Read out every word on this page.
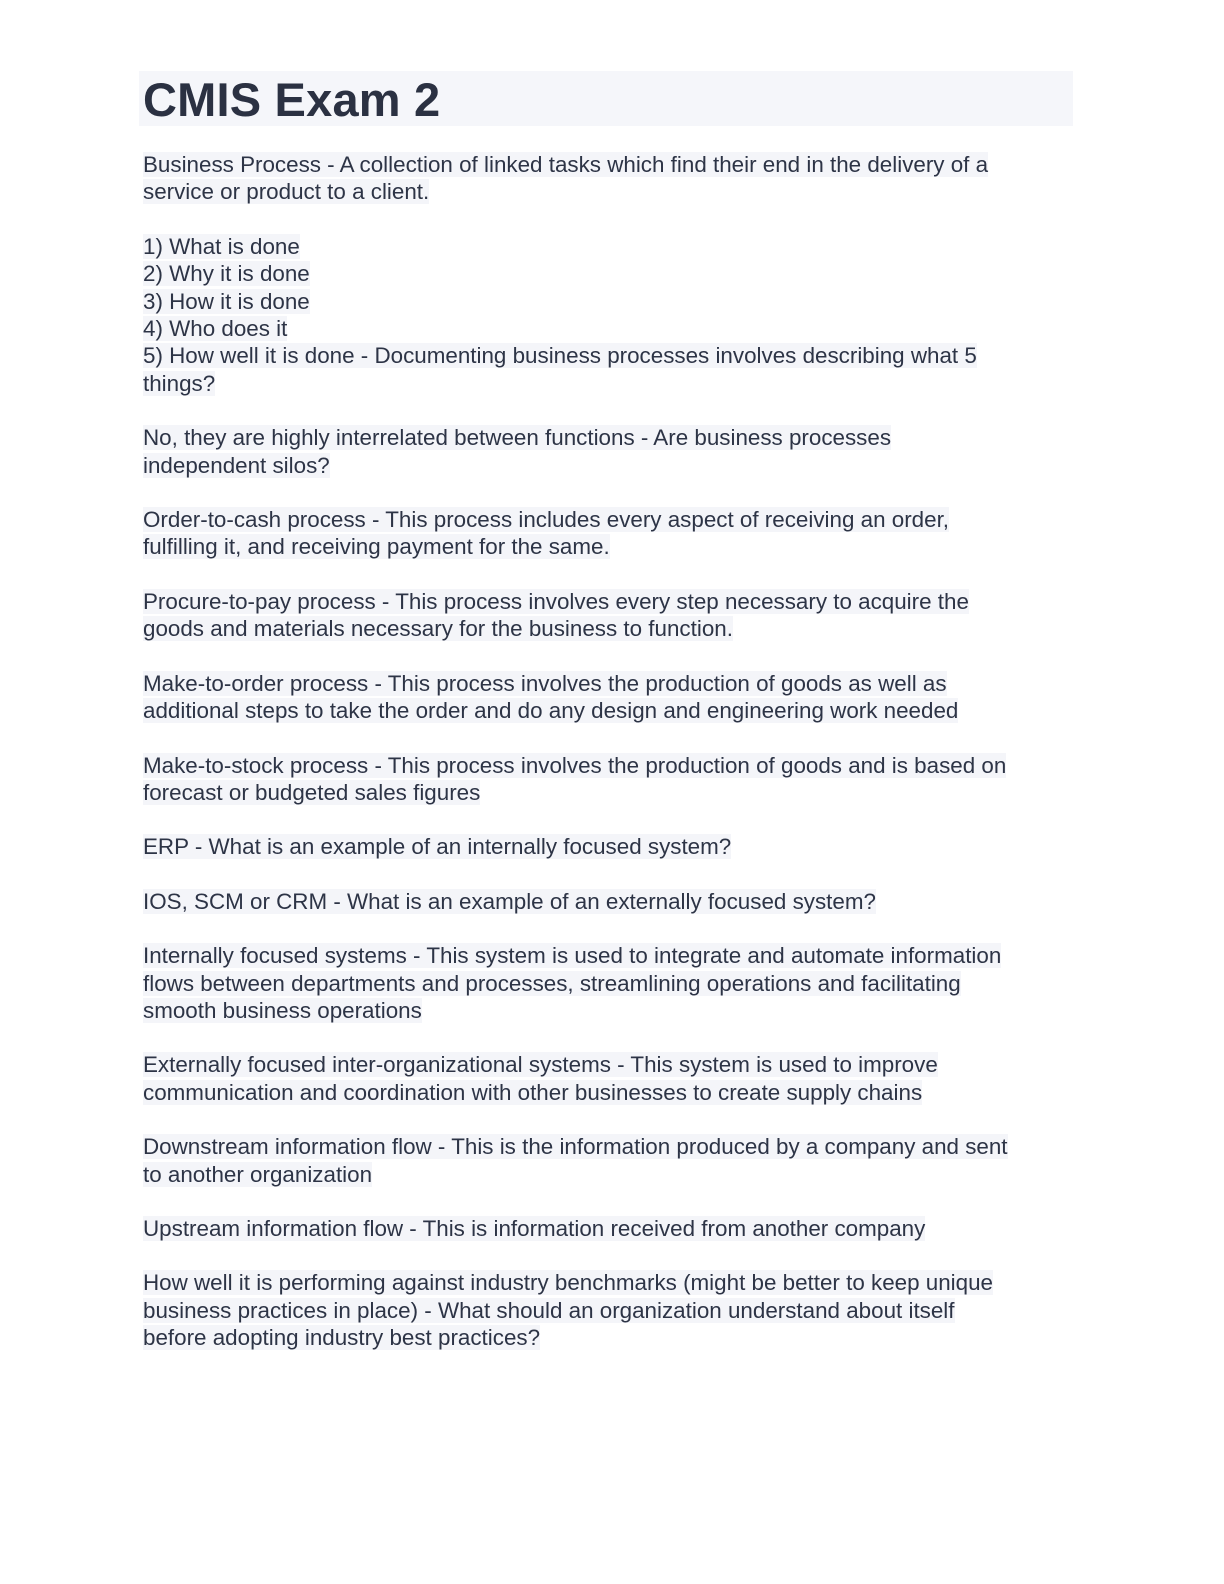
CMIS Exam 2

Business Process - A collection of linked tasks which find their end in the delivery of a
service or product to a client.

1) What is done
2) Why it is done
3) How it is done
4) Who does it
5) How well it is done - Documenting business processes involves describing what 5
things?

No, they are highly interrelated between functions - Are business processes
independent silos?

Order-to-cash process - This process includes every aspect of receiving an order,
fulfilling it, and receiving payment for the same.

Procure-to-pay process - This process involves every step necessary to acquire the
goods and materials necessary for the business to function.

Make-to-order process - This process involves the production of goods as well as
additional steps to take the order and do any design and engineering work needed

Make-to-stock process - This process involves the production of goods and is based on
forecast or budgeted sales figures

ERP - What is an example of an internally focused system?

IOS, SCM or CRM - What is an example of an externally focused system?

Internally focused systems - This system is used to integrate and automate information
flows between departments and processes, streamlining operations and facilitating
smooth business operations

Externally focused inter-organizational systems - This system is used to improve
communication and coordination with other businesses to create supply chains

Downstream information flow - This is the information produced by a company and sent
to another organization

Upstream information flow - This is information received from another company

How well it is performing against industry benchmarks (might be better to keep unique
business practices in place) - What should an organization understand about itself
before adopting industry best practices?
